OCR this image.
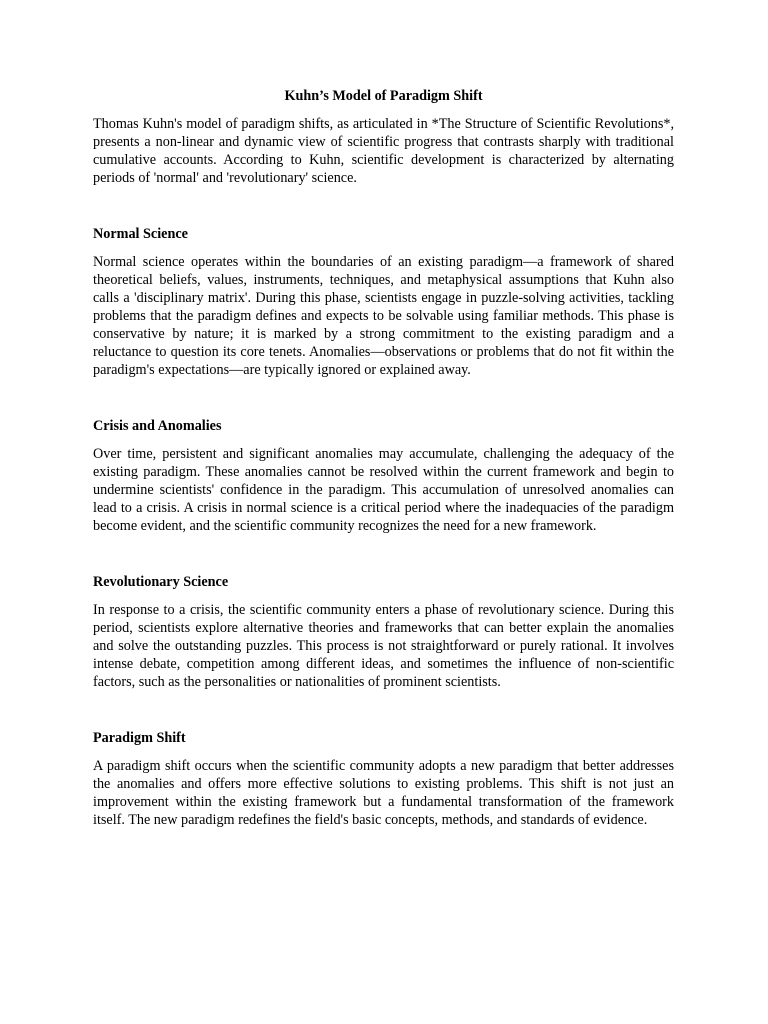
Kuhn’s Model of Paradigm Shift

Thomas Kuhn's model of paradigm shifts, as articulated in *The Structure of Scientific Revolutions*, presents a non-linear and dynamic view of scientific progress that contrasts sharply with traditional cumulative accounts. According to Kuhn, scientific development is characterized by alternating periods of 'normal' and 'revolutionary' science.

Normal Science

Normal science operates within the boundaries of an existing paradigm—a framework of shared theoretical beliefs, values, instruments, techniques, and metaphysical assumptions that Kuhn also calls a 'disciplinary matrix'. During this phase, scientists engage in puzzle-solving activities, tackling problems that the paradigm defines and expects to be solvable using familiar methods. This phase is conservative by nature; it is marked by a strong commitment to the existing paradigm and a reluctance to question its core tenets. Anomalies—observations or problems that do not fit within the paradigm's expectations—are typically ignored or explained away.

Crisis and Anomalies

Over time, persistent and significant anomalies may accumulate, challenging the adequacy of the existing paradigm. These anomalies cannot be resolved within the current framework and begin to undermine scientists' confidence in the paradigm. This accumulation of unresolved anomalies can lead to a crisis. A crisis in normal science is a critical period where the inadequacies of the paradigm become evident, and the scientific community recognizes the need for a new framework.

Revolutionary Science

In response to a crisis, the scientific community enters a phase of revolutionary science. During this period, scientists explore alternative theories and frameworks that can better explain the anomalies and solve the outstanding puzzles. This process is not straightforward or purely rational. It involves intense debate, competition among different ideas, and sometimes the influence of non-scientific factors, such as the personalities or nationalities of prominent scientists.

Paradigm Shift

A paradigm shift occurs when the scientific community adopts a new paradigm that better addresses the anomalies and offers more effective solutions to existing problems. This shift is not just an improvement within the existing framework but a fundamental transformation of the framework itself. The new paradigm redefines the field's basic concepts, methods, and standards of evidence.
